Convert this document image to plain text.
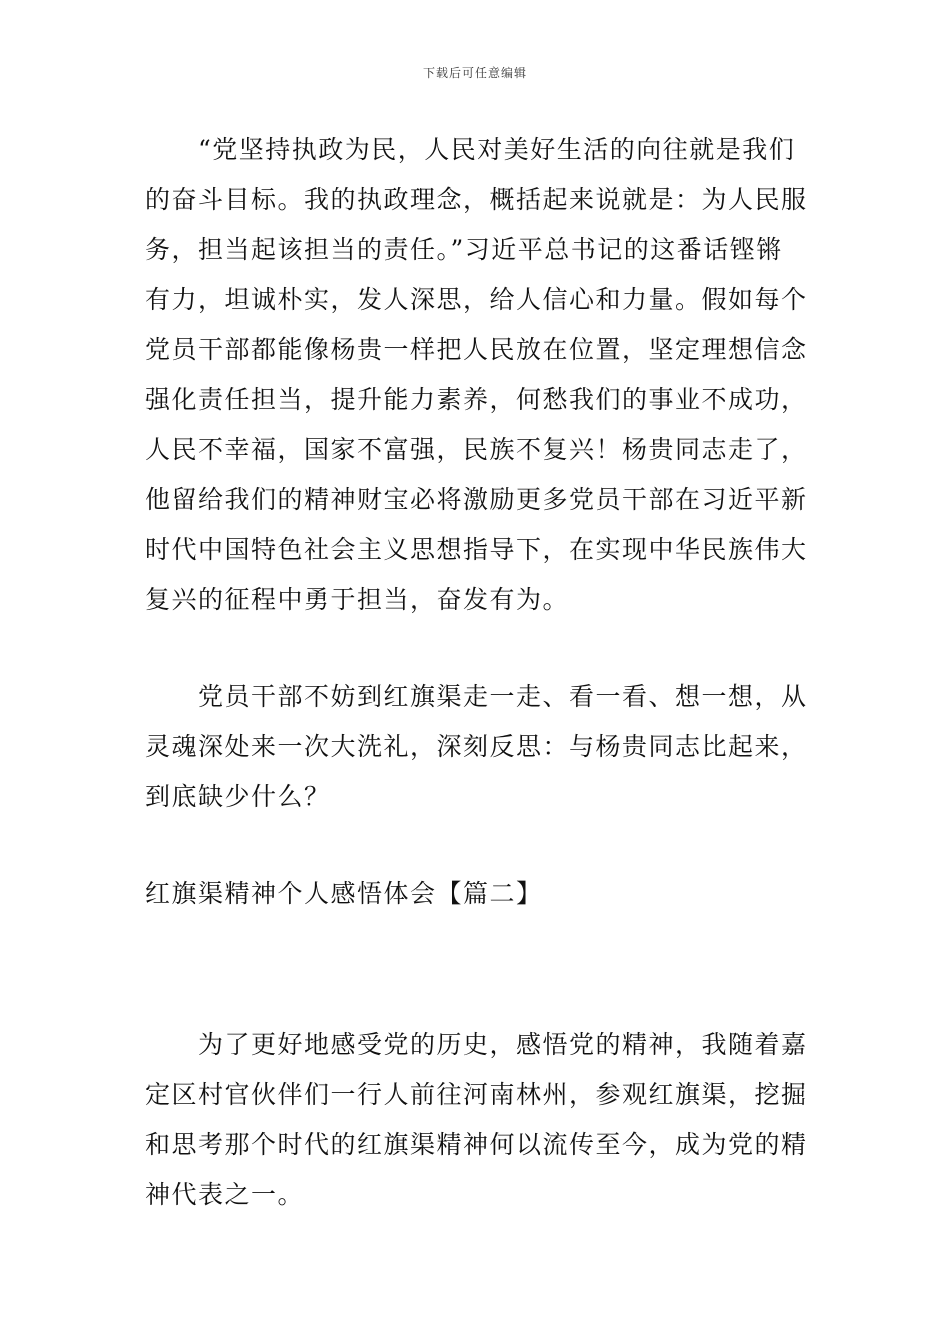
下载后可任意编辑
　　“党坚持执政为民，人民对美好生活的向往就是我们
的奋斗目标。我的执政理念，概括起来说就是：为人民服
务，担当起该担当的责任。”习近平总书记的这番话铿锵
有力，坦诚朴实，发人深思，给人信心和力量。假如每个
党员干部都能像杨贵一样把人民放在位置，坚定理想信念
强化责任担当，提升能力素养，何愁我们的事业不成功，
人民不幸福，国家不富强，民族不复兴！杨贵同志走了，
他留给我们的精神财宝必将激励更多党员干部在习近平新
时代中国特色社会主义思想指导下，在实现中华民族伟大
复兴的征程中勇于担当，奋发有为。
　　党员干部不妨到红旗渠走一走、看一看、想一想，从
灵魂深处来一次大洗礼，深刻反思：与杨贵同志比起来，
到底缺少什么？
红旗渠精神个人感悟体会【篇二】
　　为了更好地感受党的历史，感悟党的精神，我随着嘉
定区村官伙伴们一行人前往河南林州，参观红旗渠，挖掘
和思考那个时代的红旗渠精神何以流传至今，成为党的精
神代表之一。
